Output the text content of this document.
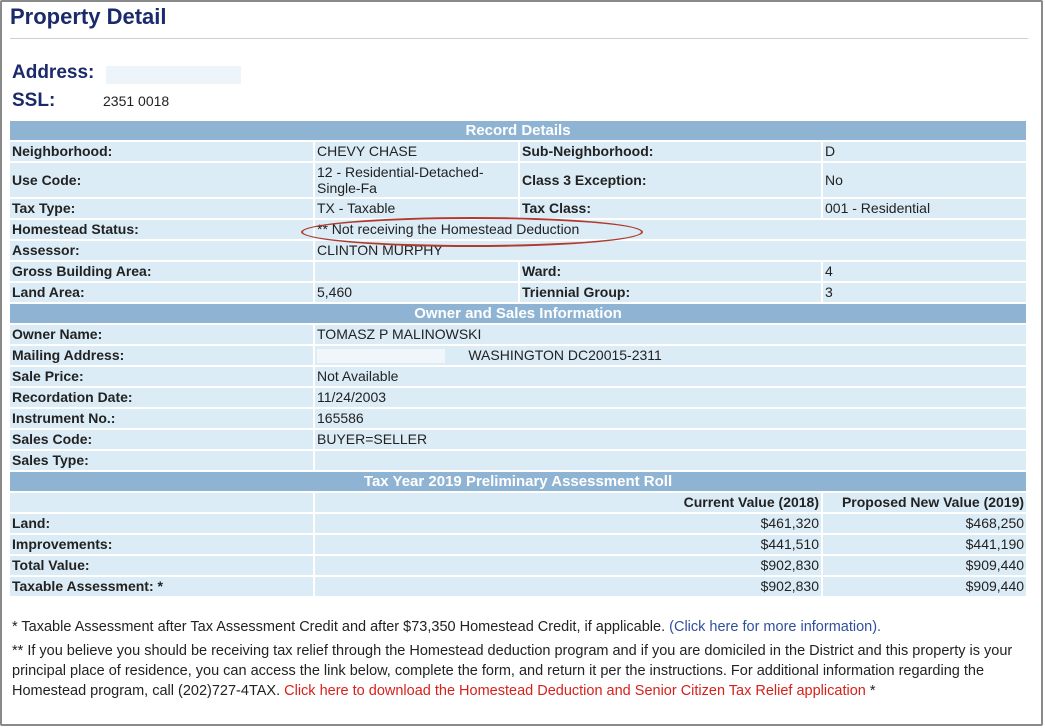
Property Detail
Address:
SSL:	2351 0018
Record Details			
Neighborhood:	CHEVY CHASE	Sub-Neighborhood:	D
Use Code:	12 - Residential-Detached-Single-Fa	Class 3 Exception:	No
Tax Type:	TX - Taxable	Tax Class:	001 - Residential
Homestead Status:	** Not receiving the Homestead Deduction		
Assessor:	CLINTON MURPHY		
Gross Building Area:		Ward:	4
Land Area:	5,460	Triennial Group:	3
Owner and Sales Information			
Owner Name:	TOMASZ P MALINOWSKI		
Mailing Address:	WASHINGTON DC20015-2311		
Sale Price:	Not Available		
Recordation Date:	11/24/2003		
Instrument No.:	165586		
Sales Code:	BUYER=SELLER		
Sales Type:			
Tax Year 2019 Preliminary Assessment Roll			
	Current Value (2018)		Proposed New Value (2019)
Land:	$461,320		$468,250
Improvements:	$441,510		$441,190
Total Value:	$902,830		$909,440
Taxable Assessment: *	$902,830		$909,440

* Taxable Assessment after Tax Assessment Credit and after $73,350 Homestead Credit, if applicable. (Click here for more information).

** If you believe you should be receiving tax relief through the Homestead deduction program and if you are domiciled in the District and this property is your principal place of residence, you can access the link below, complete the form, and return it per the instructions. For additional information regarding the Homestead program, call (202)727-4TAX. Click here to download the Homestead Deduction and Senior Citizen Tax Relief application *
